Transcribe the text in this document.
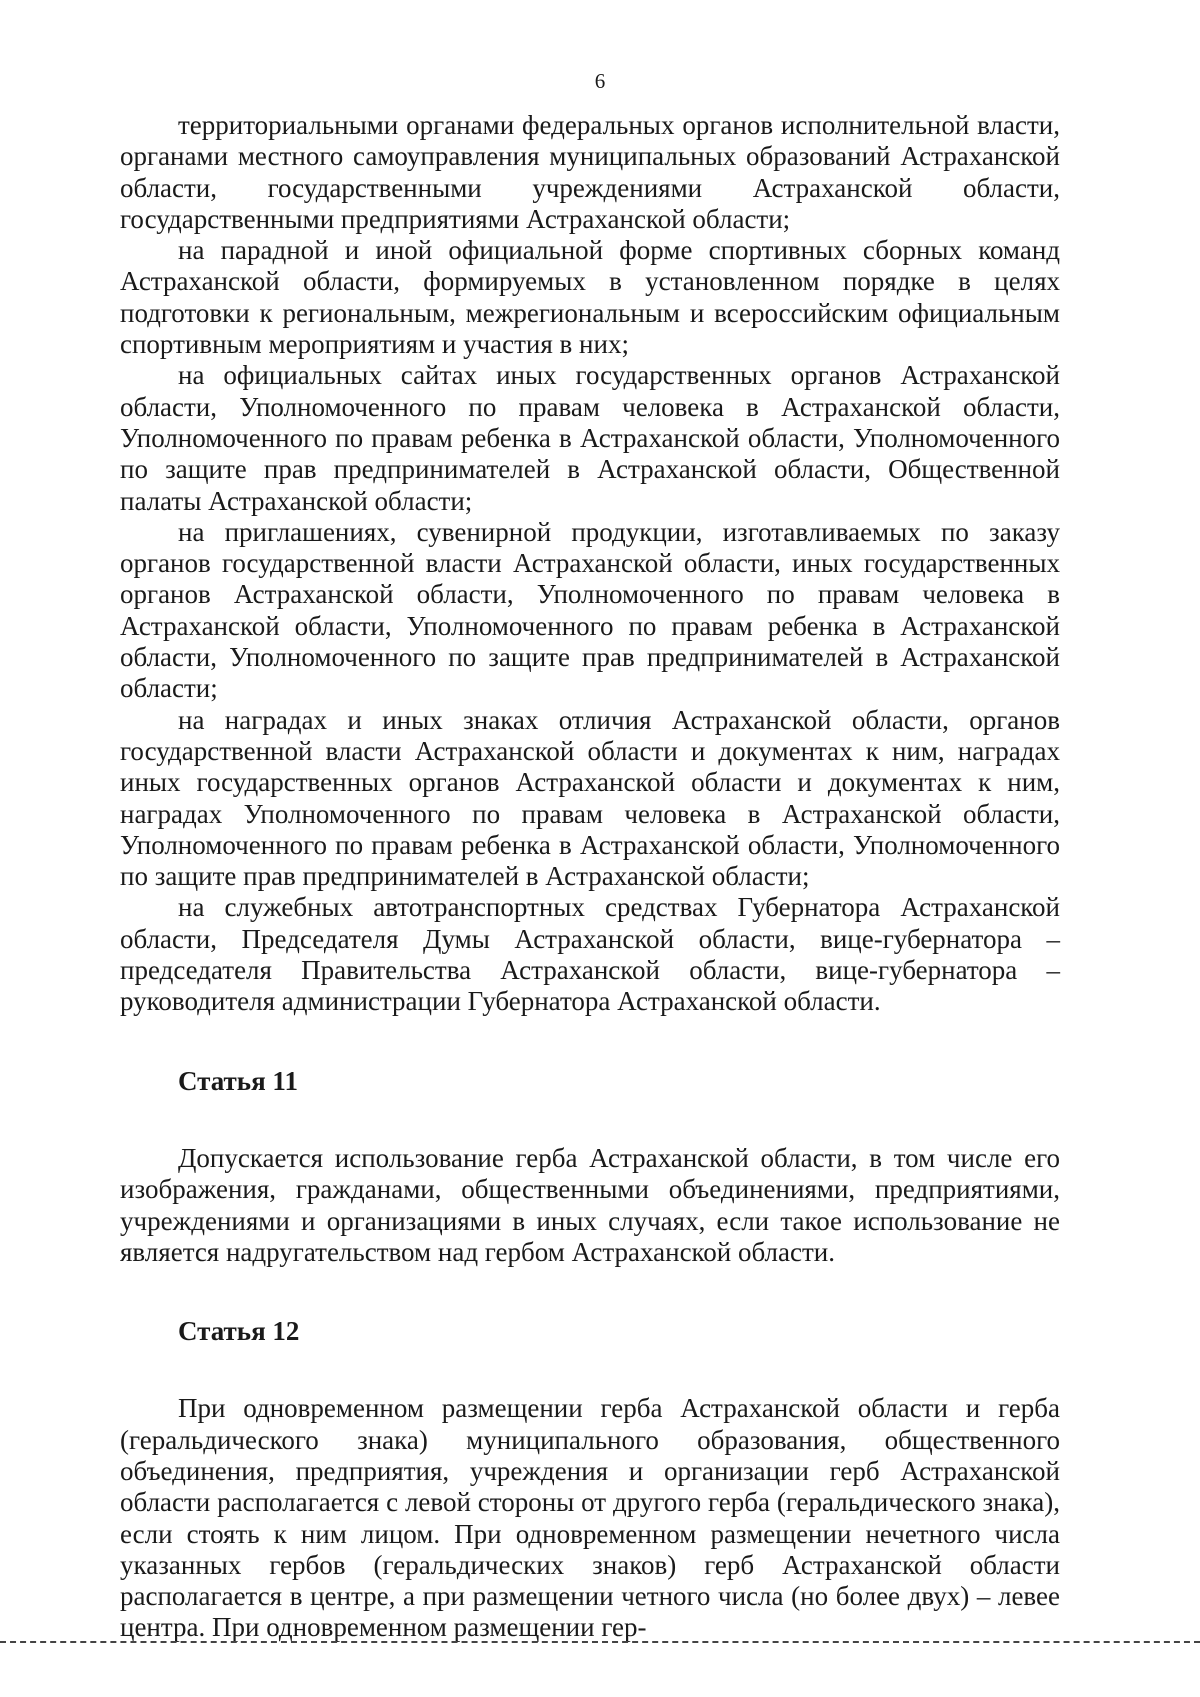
6

территориальными органами федеральных органов исполнительной власти, органами местного самоуправления муниципальных образований Астраханской области, государственными учреждениями Астраханской области, государственными предприятиями Астраханской области;

на парадной и иной официальной форме спортивных сборных команд Астраханской области, формируемых в установленном порядке в целях подготовки к региональным, межрегиональным и всероссийским официальным спортивным мероприятиям и участия в них;

на официальных сайтах иных государственных органов Астраханской области, Уполномоченного по правам человека в Астраханской области, Уполномоченного по правам ребенка в Астраханской области, Уполномоченного по защите прав предпринимателей в Астраханской области, Общественной палаты Астраханской области;

на приглашениях, сувенирной продукции, изготавливаемых по заказу органов государственной власти Астраханской области, иных государственных органов Астраханской области, Уполномоченного по правам человека в Астраханской области, Уполномоченного по правам ребенка в Астраханской области, Уполномоченного по защите прав предпринимателей в Астраханской области;

на наградах и иных знаках отличия Астраханской области, органов государственной власти Астраханской области и документах к ним, наградах иных государственных органов Астраханской области и документах к ним, наградах Уполномоченного по правам человека в Астраханской области, Уполномоченного по правам ребенка в Астраханской области, Уполномоченного по защите прав предпринимателей в Астраханской области;

на служебных автотранспортных средствах Губернатора Астраханской области, Председателя Думы Астраханской области, вице-губернатора – председателя Правительства Астраханской области, вице-губернатора – руководителя администрации Губернатора Астраханской области.

Статья 11

Допускается использование герба Астраханской области, в том числе его изображения, гражданами, общественными объединениями, предприятиями, учреждениями и организациями в иных случаях, если такое использование не является надругательством над гербом Астраханской области.

Статья 12

При одновременном размещении герба Астраханской области и герба (геральдического знака) муниципального образования, общественного объединения, предприятия, учреждения и организации герб Астраханской области располагается с левой стороны от другого герба (геральдического знака), если стоять к ним лицом. При одновременном размещении нечетного числа указанных гербов (геральдических знаков) герб Астраханской области располагается в центре, а при размещении четного числа (но более двух) – левее центра. При одновременном размещении гер-
